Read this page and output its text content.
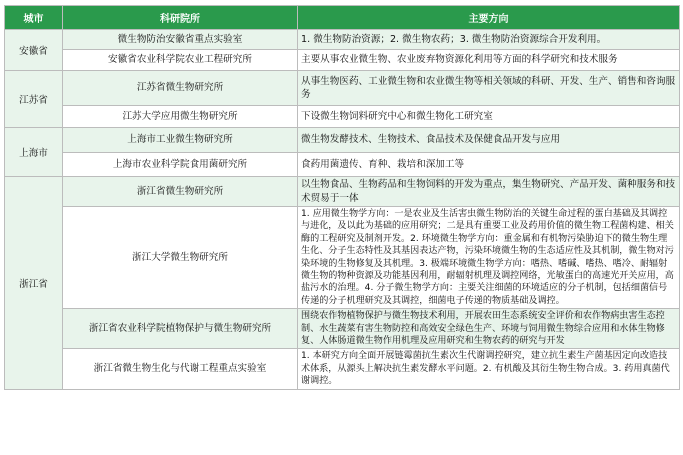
城市	科研院所	主要方向
安徽省	微生物防治安徽省重点实验室	1. 微生物防治资源；2. 微生物农药；3. 微生物防治资源综合开发利用。
	安徽省农业科学院农业工程研究所	主要从事农业微生物、农业废弃物资源化利用等方面的科学研究和技术服务
江苏省	江苏省微生物研究所	从事生物医药、工业微生物和农业微生物等相关领域的科研、开发、生产、销售和咨询服务
	江苏大学应用微生物研究所	下设微生物饲料研究中心和微生物化工研究室
上海市	上海市工业微生物研究所	微生物发酵技术、生物技术、食品技术及保健食品开发与应用
	上海市农业科学院食用菌研究所	食药用菌遗传、育种、栽培和深加工等
浙江省	浙江省微生物研究所	以生物食品、生物药品和生物饲料的开发为重点，集生物研究、产品开发、菌种服务和技术贸易于一体
	浙江大学微生物研究所	1. 应用微生物学方向：一是农业及生活害虫微生物防治的关键生命过程的蛋白基础及其调控与进化，及以此为基础的应用研究；二是具有重要工业及药用价值的微生物工程菌构建、相关酶的工程研究及制剂开发。2. 环境微生物学方向：重金属和有机物污染胁迫下的微生物生理生化、分子生态特性及其基因表达产物，污染环境微生物的生态适应性及其机制，微生物对污染环境的生物修复及其机理。3. 极端环境微生物学方向：嗜热、嗜碱、嗜热、嗜冷、耐辐射微生物的物种资源及功能基因利用，耐辐射机理及调控网络，光敏蛋白的高速光开关应用，高盐污水的治理。4. 分子微生物学方向：主要关注细菌的环境适应的分子机制，包括细菌信号传递的分子机理研究及其调控，细菌电子传递的物质基础及调控。
	浙江省农业科学院植物保护与微生物研究所	围绕农作物植物保护与微生物技术利用，开展农田生态系统安全评价和农作物病虫害生态控制、水生蔬菜有害生物防控和高效安全绿色生产、环境与饲用微生物综合应用和水体生物修复、人体肠道微生物作用机理及应用研究和生物农药的研究与开发
	浙江省微生物生化与代谢工程重点实验室	1. 本研究方向全面开展链霉菌抗生素次生代谢调控研究，建立抗生素生产菌基因定向改造技术体系，从源头上解决抗生素发酵水平问题。2. 有机酸及其衍生物生物合成。3. 药用真菌代谢调控。
